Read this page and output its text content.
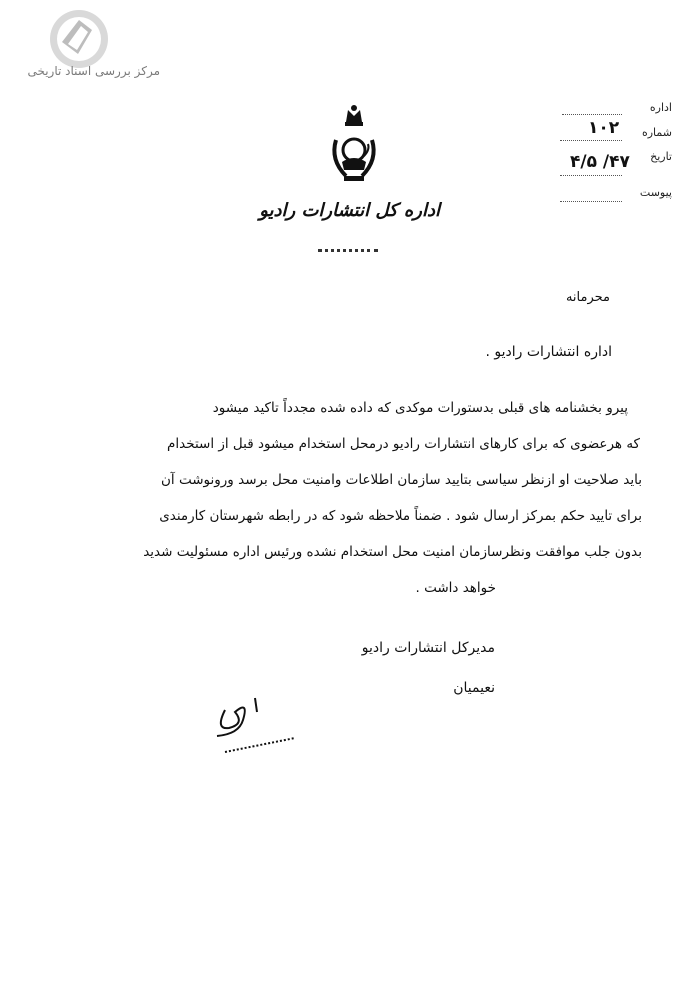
مرکز بررسی اسناد تاریخی
اداره
شماره
۱۰۲
تاریخ
۴/۵ /۴۷
پیوست
اداره کل انتشارات رادیو
محرمانه
اداره انتشارات رادیو .
پیرو بخشنامه های قبلی بدستورات موکدی که داده شده مجدداً تاکید میشود
که هرعضوی که برای کارهای انتشارات رادیو درمحل استخدام میشود قبل از استخدام
باید صلاحیت او ازنظر سیاسی بتایید سازمان اطلاعات وامنیت محل برسد ورونوشت آن
برای تایید حکم بمرکز ارسال شود . ضمناً ملاحظه شود که در رابطه شهرستان کارمندی
بدون جلب موافقت ونظرسازمان امنیت محل استخدام نشده ورئیس اداره مسئولیت شدید
خواهد داشت .
مدیرکل انتشارات رادیو
نعیمیان
